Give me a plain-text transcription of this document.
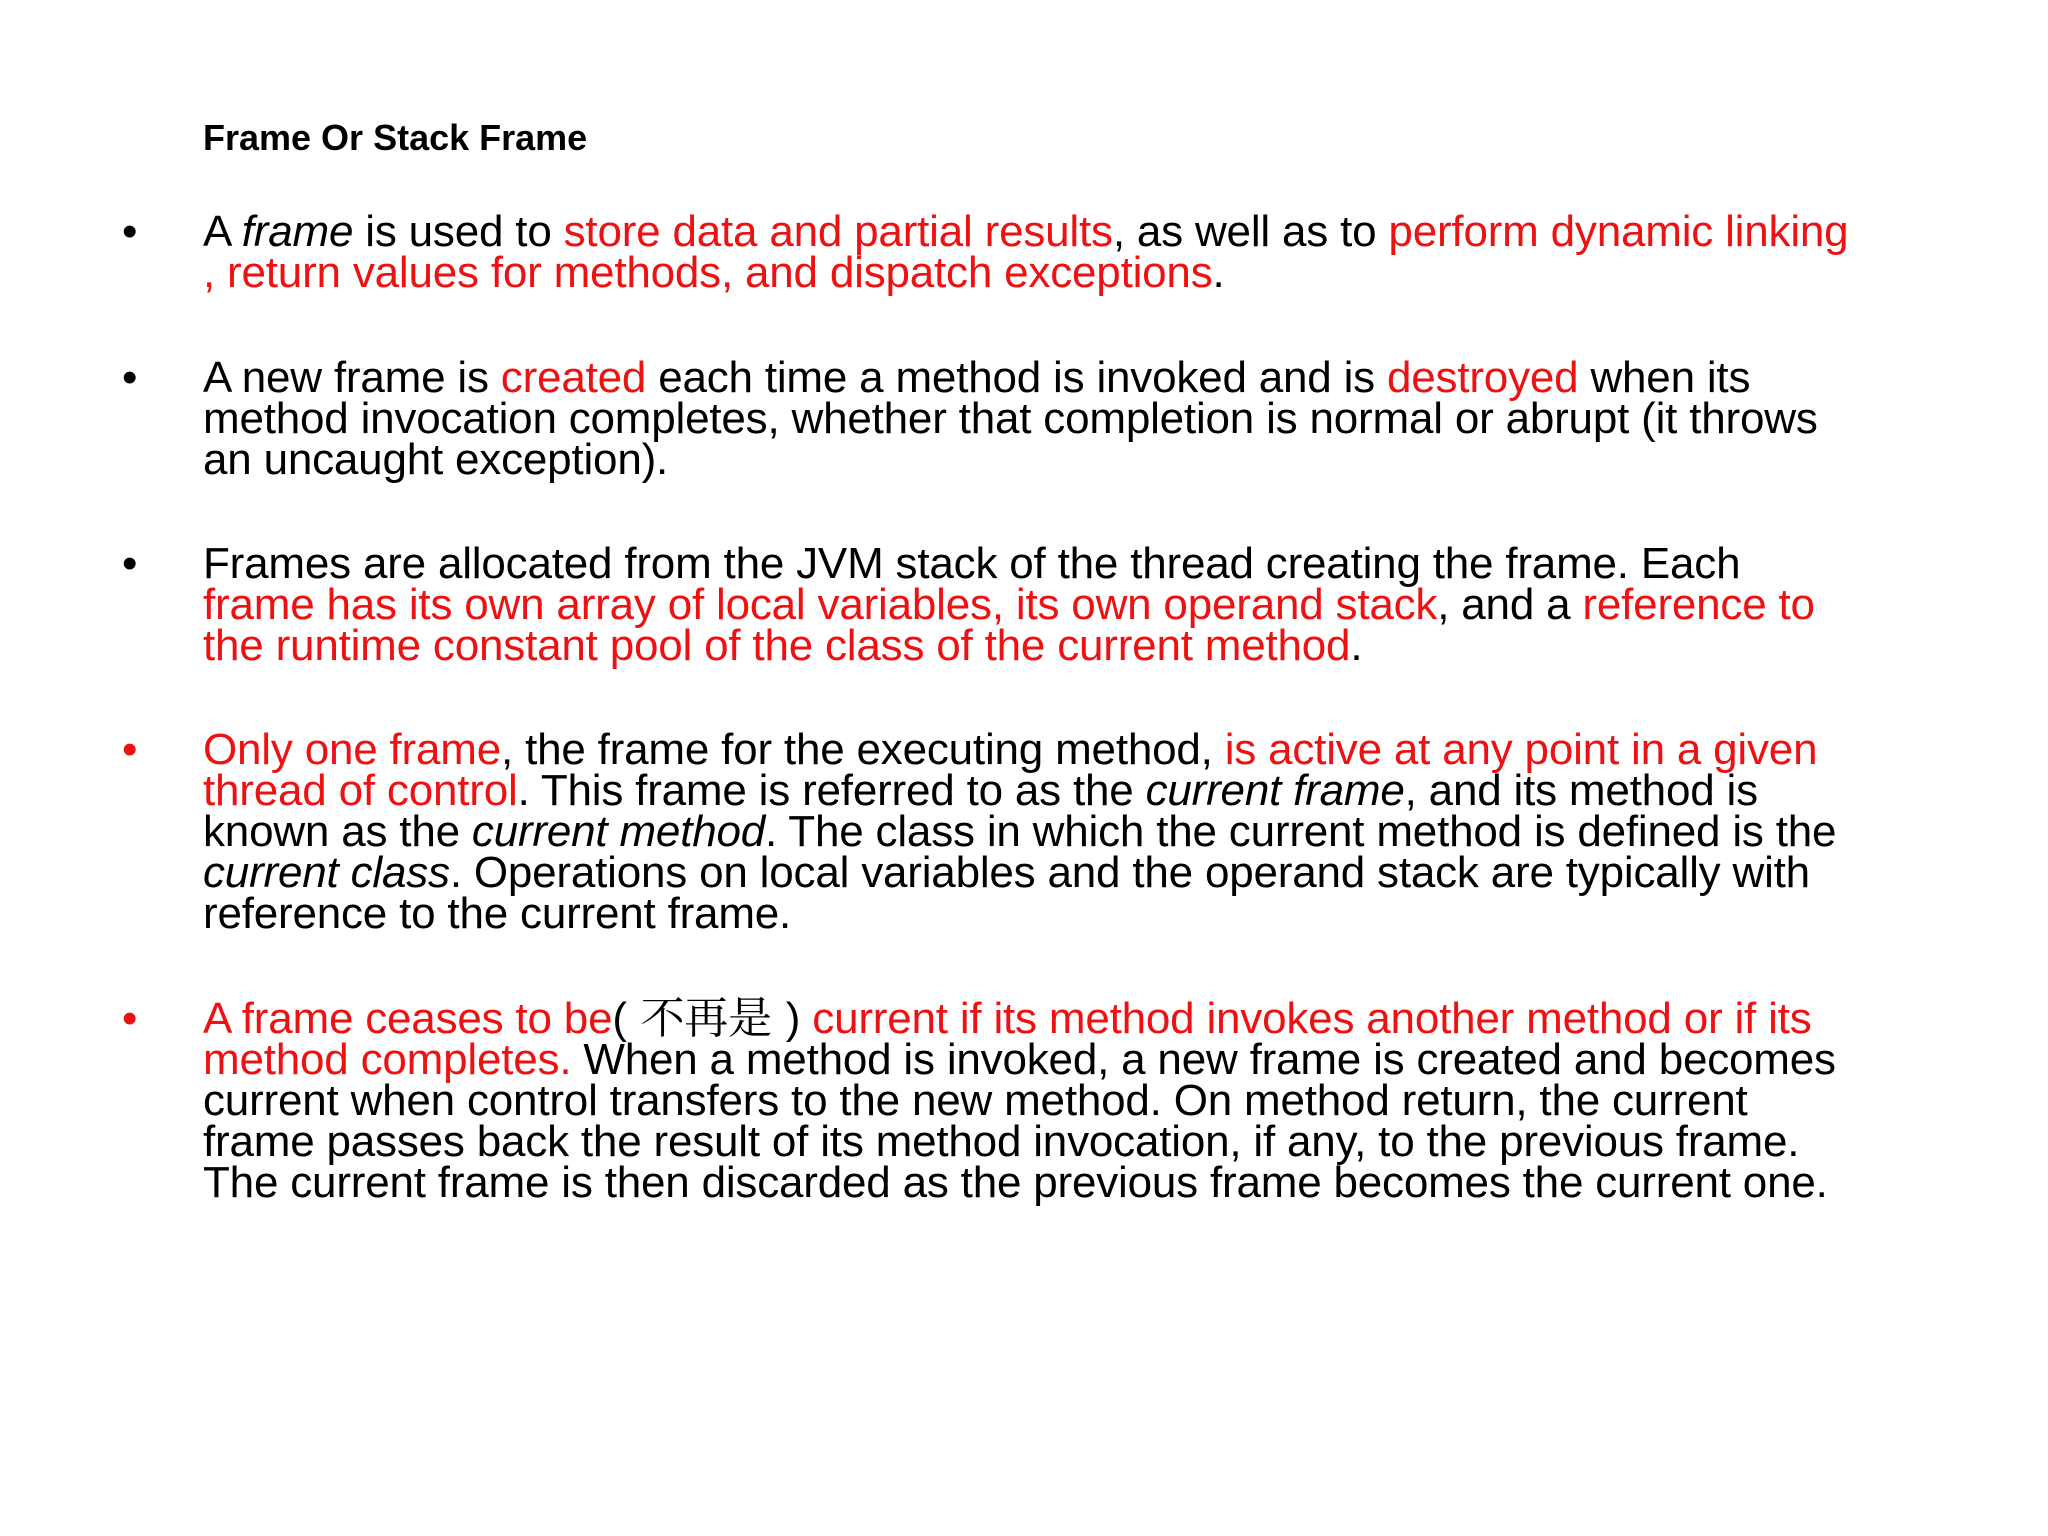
Frame Or Stack Frame
• A frame is used to store data and partial results, as well as to perform dynamic linking
, return values for methods, and dispatch exceptions.
• A new frame is created each time a method is invoked and is destroyed when its
method invocation completes, whether that completion is normal or abrupt (it throws
an uncaught exception).
• Frames are allocated from the JVM stack of the thread creating the frame. Each
frame has its own array of local variables, its own operand stack, and a reference to
the runtime constant pool of the class of the current method.
• Only one frame, the frame for the executing method, is active at any point in a given
thread of control. This frame is referred to as the current frame, and its method is
known as the current method. The class in which the current method is defined is the
current class. Operations on local variables and the operand stack are typically with
reference to the current frame.
• A frame ceases to be( 不再是 ) current if its method invokes another method or if its
method completes. When a method is invoked, a new frame is created and becomes
current when control transfers to the new method. On method return, the current
frame passes back the result of its method invocation, if any, to the previous frame.
The current frame is then discarded as the previous frame becomes the current one.
